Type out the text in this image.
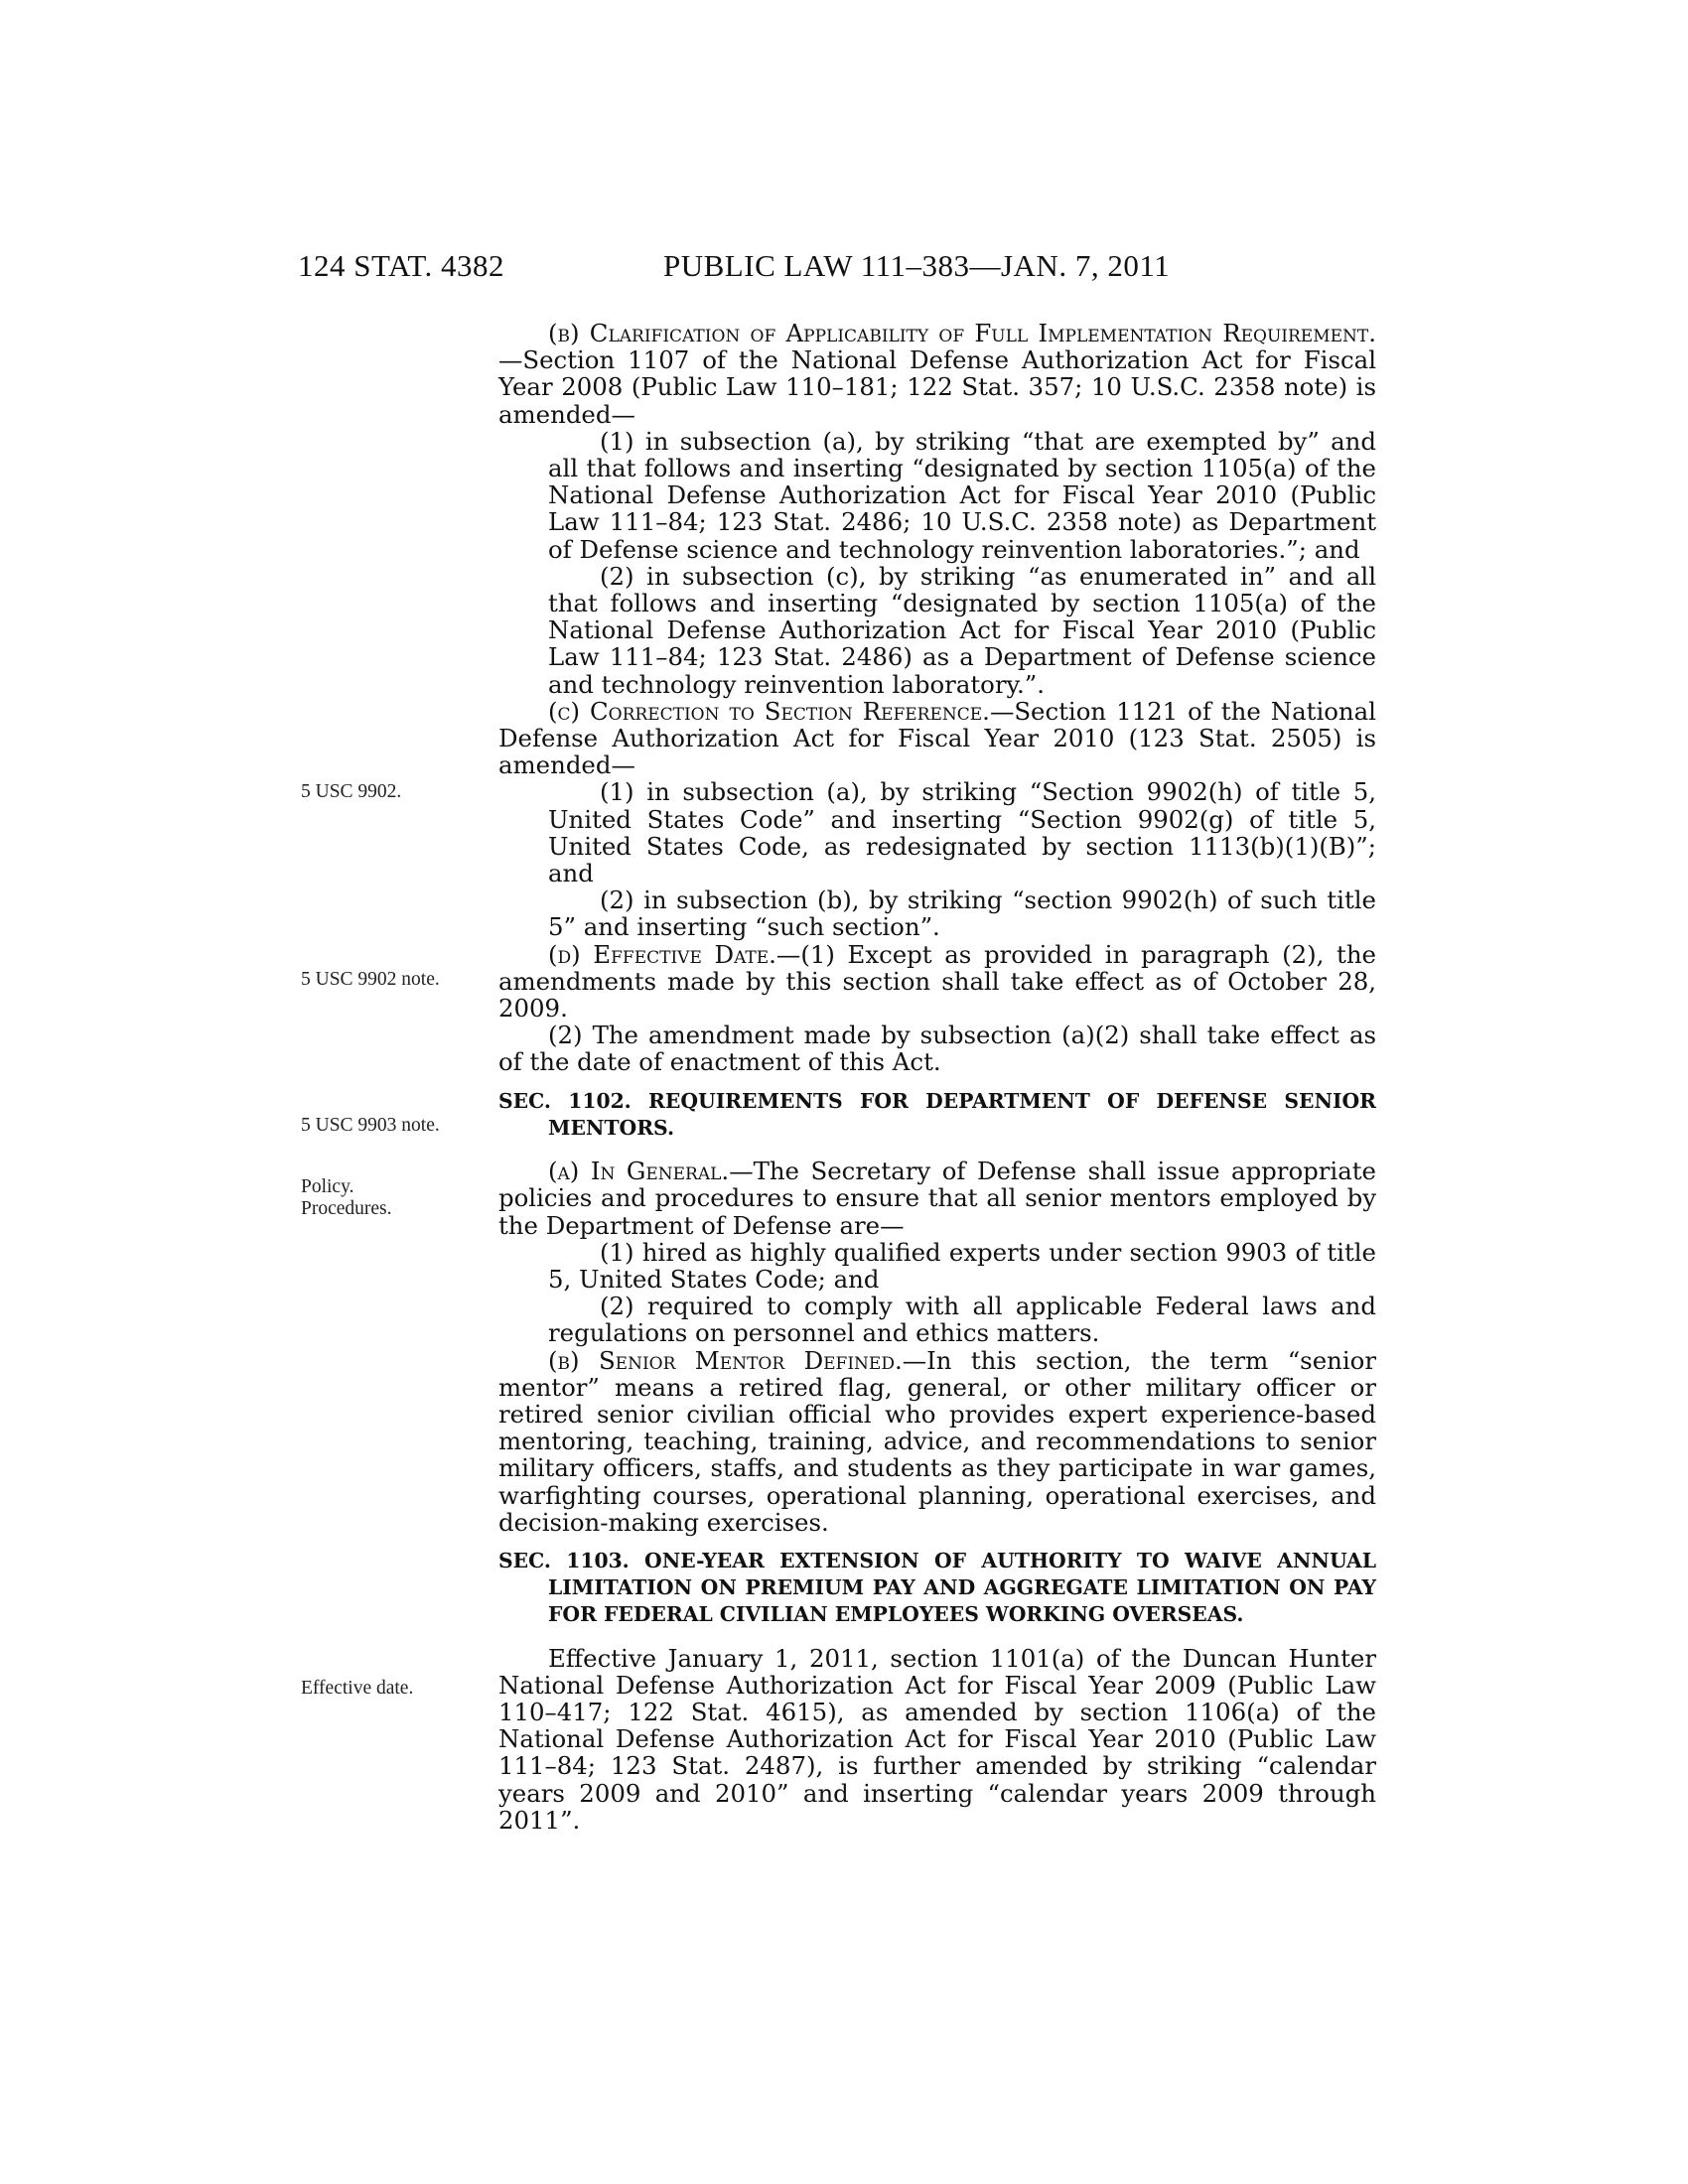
124 STAT. 4382	PUBLIC LAW 111–383—JAN. 7, 2011
5 USC 9902.
5 USC 9902 note.
5 USC 9903 note.
Policy.
Procedures.
Effective date.

(b) Clarification of Applicability of Full Implementation Requirement.—Section 1107 of the National Defense Authorization Act for Fiscal Year 2008 (Public Law 110–181; 122 Stat. 357; 10 U.S.C. 2358 note) is amended—

(1) in subsection (a), by striking “that are exempted by” and all that follows and inserting “designated by section 1105(a) of the National Defense Authorization Act for Fiscal Year 2010 (Public Law 111–84; 123 Stat. 2486; 10 U.S.C. 2358 note) as Department of Defense science and technology reinvention laboratories.”; and

(2) in subsection (c), by striking “as enumerated in” and all that follows and inserting “designated by section 1105(a) of the National Defense Authorization Act for Fiscal Year 2010 (Public Law 111–84; 123 Stat. 2486) as a Department of Defense science and technology reinvention laboratory.”.

(c) Correction to Section Reference.—Section 1121 of the National Defense Authorization Act for Fiscal Year 2010 (123 Stat. 2505) is amended—

(1) in subsection (a), by striking “Section 9902(h) of title 5, United States Code” and inserting “Section 9902(g) of title 5, United States Code, as redesignated by section 1113(b)(1)(B)”; and

(2) in subsection (b), by striking “section 9902(h) of such title 5” and inserting “such section”.

(d) Effective Date.—(1) Except as provided in paragraph (2), the amendments made by this section shall take effect as of October 28, 2009.

(2) The amendment made by subsection (a)(2) shall take effect as of the date of enactment of this Act.

SEC. 1102. REQUIREMENTS FOR DEPARTMENT OF DEFENSE SENIOR MENTORS.

(a) In General.—The Secretary of Defense shall issue appropriate policies and procedures to ensure that all senior mentors employed by the Department of Defense are—

(1) hired as highly qualified experts under section 9903 of title 5, United States Code; and

(2) required to comply with all applicable Federal laws and regulations on personnel and ethics matters.

(b) Senior Mentor Defined.—In this section, the term “senior mentor” means a retired flag, general, or other military officer or retired senior civilian official who provides expert experience-based mentoring, teaching, training, advice, and recommendations to senior military officers, staffs, and students as they participate in war games, warfighting courses, operational planning, operational exercises, and decision-making exercises.

SEC. 1103. ONE-YEAR EXTENSION OF AUTHORITY TO WAIVE ANNUAL LIMITATION ON PREMIUM PAY AND AGGREGATE LIMITATION ON PAY FOR FEDERAL CIVILIAN EMPLOYEES WORKING OVERSEAS.

Effective January 1, 2011, section 1101(a) of the Duncan Hunter National Defense Authorization Act for Fiscal Year 2009 (Public Law 110–417; 122 Stat. 4615), as amended by section 1106(a) of the National Defense Authorization Act for Fiscal Year 2010 (Public Law 111–84; 123 Stat. 2487), is further amended by striking “calendar years 2009 and 2010” and inserting “calendar years 2009 through 2011”.
